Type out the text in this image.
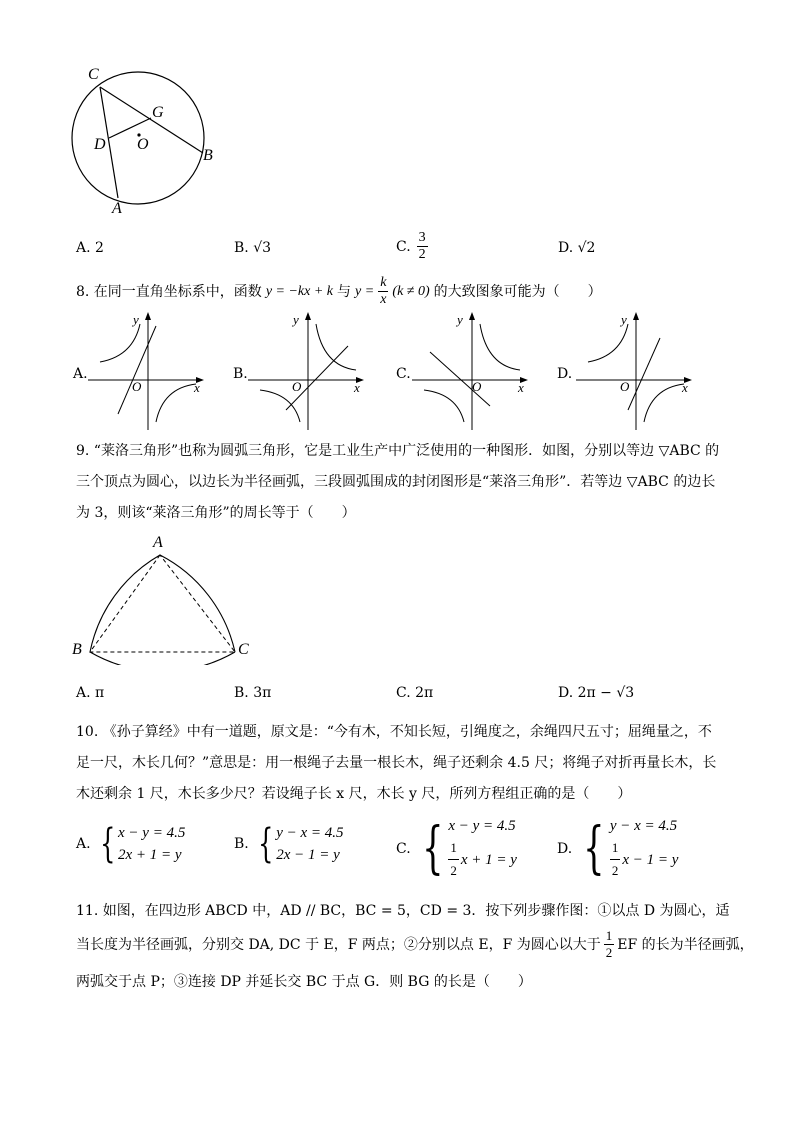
C
G
D O
B
A
A. 2	B. √3	C. $\frac{3}{2}$	D. √2
8. 在同一直角坐标系中，函数 y = −kx + k 与 $y = \frac{k}{x} (k \ne 0)$ 的大致图象可能为（　　）
A.
x
y
O
B.
x
y
O
C.
x
y
O
D.
x
y
O
9. “莱洛三角形”也称为圆弧三角形，它是工业生产中广泛使用的一种图形．如图，分别以等边 ▽ABC 的
三个顶点为圆心，以边长为半径画弧，三段圆弧围成的封闭图形是“莱洛三角形”．若等边 ▽ABC 的边长
为 3，则该“莱洛三角形”的周长等于（　　）
A
B	C
A. π	B. 3π	C. 2π	D. 2π − √3
10. 《孙子算经》中有一道题，原文是：“今有木，不知长短，引绳度之，余绳四尺五寸；屈绳量之，不
足一尺，木长几何？”意思是：用一根绳子去量一根长木，绳子还剩余 4.5 尺；将绳子对折再量长木，长
木还剩余 1 尺，木长多少尺？若设绳子长 x 尺，木长 y 尺，所列方程组正确的是（　　）
A. { x − y = 4.5
2x + 1 = y
B. { y − x = 4.5
2x − 1 = y	C. { x − y = 4.5
$\frac{1}{2}$ x + 1 = y
D. { y − x = 4.5
$\frac{1}{2}$ x − 1 = y
11. 如图，在四边形 ABCD 中，AD // BC，BC = 5，CD = 3．按下列步骤作图：①以点 D 为圆心，适
当长度为半径画弧，分别交 DA, DC 于 E，F 两点；②分别以点 E，F 为圆心以大于 $\frac{1}{2}$ EF 的长为半径画弧，
两弧交于点 P；③连接 DP 并延长交 BC 于点 G．则 BG 的长是（　　）
